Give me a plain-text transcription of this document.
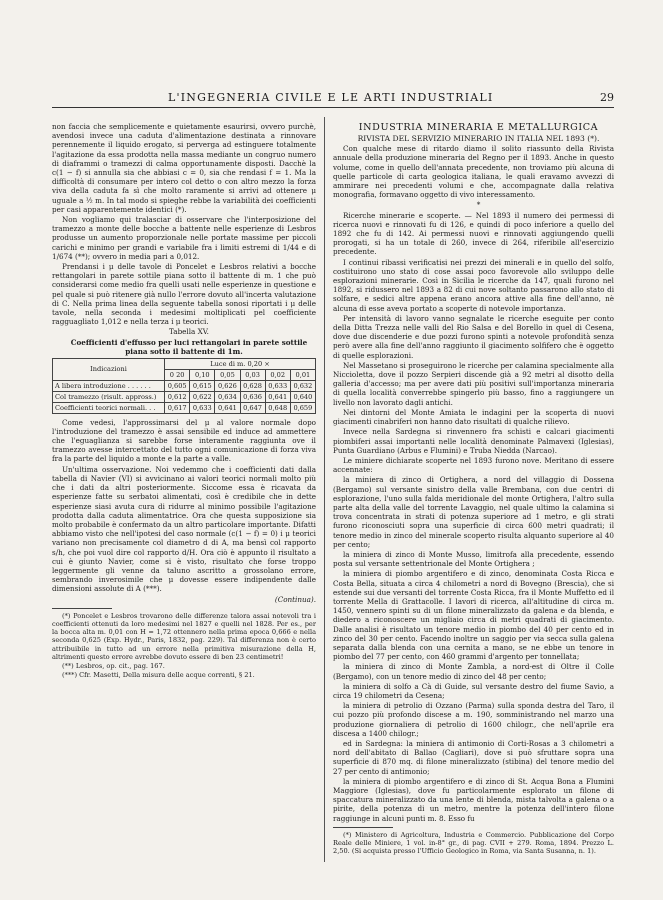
L'INGEGNERIA CIVILE E LE ARTI INDUSTRIALI	29

non faccia che semplicemente e quietamente esaurirsi, ovvero purchè, avendosi invece una caduta d'alimentazione destinata a rinnovare perennemente il liquido erogato, si perverga ad estinguere totalmente l'agitazione da essa prodotta nella massa mediante un congruo numero di diaframmi o tramezzi di calma opportunamente disposti. Dacchè la c(1 − f) si annulla sia che abbiasi c = 0, sia che rendasi f = 1. Ma la difficoltà di consumare per intero col detto o con altro mezzo la forza viva della caduta fa sì che molto raramente si arrivi ad ottenere μ uguale a ½ m. In tal modo si spieghe rebbe la variabilità dei coefficienti per casi apparentemente identici (*).

Non vogliamo qui tralasciar di osservare che l'interposizione del tramezzo a monte delle bocche a battente nelle esperienze di Lesbros produsse un aumento proporzionale nelle portate massime per piccoli carichi e minimo per grandi e variabile fra i limiti estremi di 1/44 e di 1/674 (**); ovvero in media pari a 0,012.

Prendansi i μ delle tavole di Poncelet e Lesbros relativi a bocche rettangolari in parete sottile piana sotto il battente di m. 1 che può considerarsi come medio fra quelli usati nelle esperienze in questione e pel quale si può ritenere già nullo l'errore dovuto all'incerta valutazione di C. Nella prima linea della seguente tabella sonosi riportati i μ delle tavole, nella seconda i medesimi moltiplicati pel coefficiente ragguagliato 1,012 e nella terza i μ teorici.

Tabella XV.

Coefficienti d'effusso per luci rettangolari in parete sottile piana sotto il battente di 1m.

Indicazioni	Luce di m. 0,20 ×					
	0 20	0,10	0,05	0,03	0,02	0,01
A libera introduzione . . . . . .	0,605	0,615	0,626	0,628	0,633	0,632
Col tramezzo (risult. appross.)	0,612	0,622	0,634	0,636	0,641	0,640
Coefficienti teorici normali. . .	0,617	0,633	0,641	0,647	0,648	0,659

Come vedesi, l'approssimarsi del μ al valore normale dopo l'introduzione del tramezzo è assai sensibile ed induce ad ammettere che l'eguaglianza si sarebbe forse interamente raggiunta ove il tramezzo avesse intercettato del tutto ogni comunicazione di forza viva fra la parte del liquido a monte e la parte a valle.

Un'ultima osservazione. Noi vedemmo che i coefficienti dati dalla tabella di Navier (VI) si avvicinano ai valori teorici normali molto più che i dati da altri posteriormente. Siccome essa è ricavata da esperienze fatte su serbatoi alimentati, così è credibile che in dette esperienze siasi avuta cura di ridurre al minimo possibile l'agitazione prodotta dalla caduta alimentatrice. Ora che questa supposizione sia molto probabile è confermato da un altro particolare importante. Difatti abbiamo visto che nell'ipotesi del caso normale (c(1 − f) = 0) i μ teorici variano non precisamente col diametro d di A, ma bensì col rapporto s/h, che poi vuol dire col rapporto d/H. Ora ciò è appunto il risultato a cui è giunto Navier, come si è visto, risultato che forse troppo leggermente gli venne da taluno ascritto a grossolano errore, sembrando inverosimile che μ dovesse essere indipendente dalle dimensioni assolute di A (***).

(Continua).

(*) Poncelet e Lesbros trovarono delle differenze talora assai notevoli tra i coefficienti ottenuti da loro medesimi nel 1827 e quelli nel 1828. Per es., per la bocca alta m. 0,01 con H = 1,72 ottennero nella prima epoca 0,666 e nella seconda 0,625 (Exp. Hydr., Paris, 1832, pag. 229). Tal differenza non è certo attribuibile in tutto ad un errore nella primitiva misurazione della H, altrimenti questo errore avrebbe dovuto essere di ben 23 centimetri!

(**) Lesbros, op. cit., pag. 167.

(***) Cfr. Masetti, Della misura delle acque correnti, § 21.

INDUSTRIA MINERARIA E METALLURGICA

RIVISTA DEL SERVIZIO MINERARIO IN ITALIA NEL 1893 (*).

Con qualche mese di ritardo diamo il solito riassunto della Rivista annuale della produzione mineraria del Regno per il 1893. Anche in questo volume, come in quello dell'annata precedente, non troviamo più alcuna di quelle particole di carta geologica italiana, le quali eravamo avvezzi di ammirare nei precedenti volumi e che, accompagnate dalla relativa monografia, formavano oggetto di vivo interessamento.

*

Ricerche minerarie e scoperte. — Nel 1893 il numero dei permessi di ricerca nuovi e rinnovati fu di 126, e quindi di poco inferiore a quello del 1892 che fu di 142. Ai permessi nuovi e rinnovati aggiungendo quelli prorogati, si ha un totale di 260, invece di 264, riferibile all'esercizio precedente.

I continui ribassi verificatisi nei prezzi dei minerali e in quello del solfo, costituirono uno stato di cose assai poco favorevole allo sviluppo delle esplorazioni minerarie. Così in Sicilia le ricerche da 147, quali furono nel 1892, si ridussero nel 1893 a 82 di cui nove soltanto passarono allo stato di solfare, e sedici altre appena erano ancora attive alla fine dell'anno, nè alcuna di esse aveva portato a scoperte di notevole importanza.

Per intensità di lavoro vanno segnalate le ricerche eseguite per conto della Ditta Trezza nelle valli del Rio Salsa e del Borello in quel di Cesena, dove due discenderie e due pozzi furono spinti a notevole profondità senza però avere alla fine dell'anno raggiunto il giacimento solfifero che è oggetto di quelle esplorazioni.

Nel Massetano si proseguirono le ricerche per calamina specialmente alla Niccioletta, dove il pozzo Serpieri discende già a 92 metri al disotto della galleria d'accesso; ma per avere dati più positivi sull'importanza mineraria di quella località converrebbe spingerlo più basso, fino a raggiungere un livello non lavorato dagli antichi.

Nei dintorni del Monte Amiata le indagini per la scoperta di nuovi giacimenti cinabriferi non hanno dato risultati di qualche rilievo.

Invece nella Sardegna si rinvennero fra schisti e calcari giacimenti piombiferi assai importanti nelle località denominate Palmavexi (Iglesias), Punta Guardiano (Arbus e Flumini) e Truba Niedda (Narcao).

Le miniere dichiarate scoperte nel 1893 furono nove. Meritano di essere accennate:

la miniera di zinco di Ortighera, a nord del villaggio di Dossena (Bergamo) sul versante sinistro della valle Brembana, con due centri di esplorazione, l'uno sulla falda meridionale del monte Ortighera, l'altro sulla parte alta della valle del torrente Lavaggio, nel quale ultimo la calamina si trova concentrata in strati di potenza superiore ad 1 metro, e gli strati furono riconosciuti sopra una superficie di circa 600 metri quadrati; il tenore medio in zinco del minerale scoperto risulta alquanto superiore al 40 per cento;

la miniera di zinco di Monte Musso, limitrofa alla precedente, essendo posta sul versante settentrionale del Monte Ortighera ;

la miniera di piombo argentifero e di zinco, denominata Costa Ricca e Costa Bella, situata a circa 4 chilometri a nord di Bovegno (Brescia), che si estende sui due versanti del torrente Costa Ricca, fra il Monte Muffetto ed il torrente Mella di Grattacolle. I lavori di ricerca, all'altitudine di circa m. 1450, vennero spinti su di un filone mineralizzato da galena e da blenda, e diedero a riconoscere un migliaio circa di metri quadrati di giacimento. Dalle analisi è risultato un tenore medio in piombo del 40 per cento ed in zinco del 30 per cento. Facendo inoltre un saggio per via secca sulla galena separata dalla blenda con una cernita a mano, se ne ebbe un tenore in piombo del 77 per cento, con 460 grammi d'argento per tonnellata;

la miniera di zinco di Monte Zambla, a nord-est di Oltre il Colle (Bergamo), con un tenore medio di zinco del 48 per cento;

la miniera di solfo a Cà di Guide, sul versante destro del fiume Savio, a circa 19 chilometri da Cesena;

la miniera di petrolio di Ozzano (Parma) sulla sponda destra del Taro, il cui pozzo più profondo discese a m. 190, somministrando nel marzo una produzione giornaliera di petrolio di 1600 chilogr., che nell'aprile era discesa a 1400 chilogr.;

ed in Sardegna: la miniera di antimonio di Corti-Rosas a 3 chilometri a nord dell'abitato di Ballao (Cagliari), dove si può sfruttare sopra una superficie di 870 mq. di filone mineralizzato (stibina) del tenore medio del 27 per cento di antimonio;

la miniera di piombo argentifero e di zinco di St. Acqua Bona a Flumini Maggiore (Iglesias), dove fu particolarmente esplorato un filone di spaccatura mineralizzato da una lente di blenda, mista talvolta a galena o a pirite, della potenza di un metro, mentre la potenza dell'intero filone raggiunge in alcuni punti m. 8. Esso fu

(*) Ministero di Agricoltura, Industria e Commercio. Pubblicazione del Corpo Reale delle Miniere, 1 vol. in-8° gr., di pag. CVII + 279. Roma, 1894. Prezzo L. 2,50. (Si acquista presso l'Ufficio Geologico in Roma, via Santa Susanna, n. 1).
